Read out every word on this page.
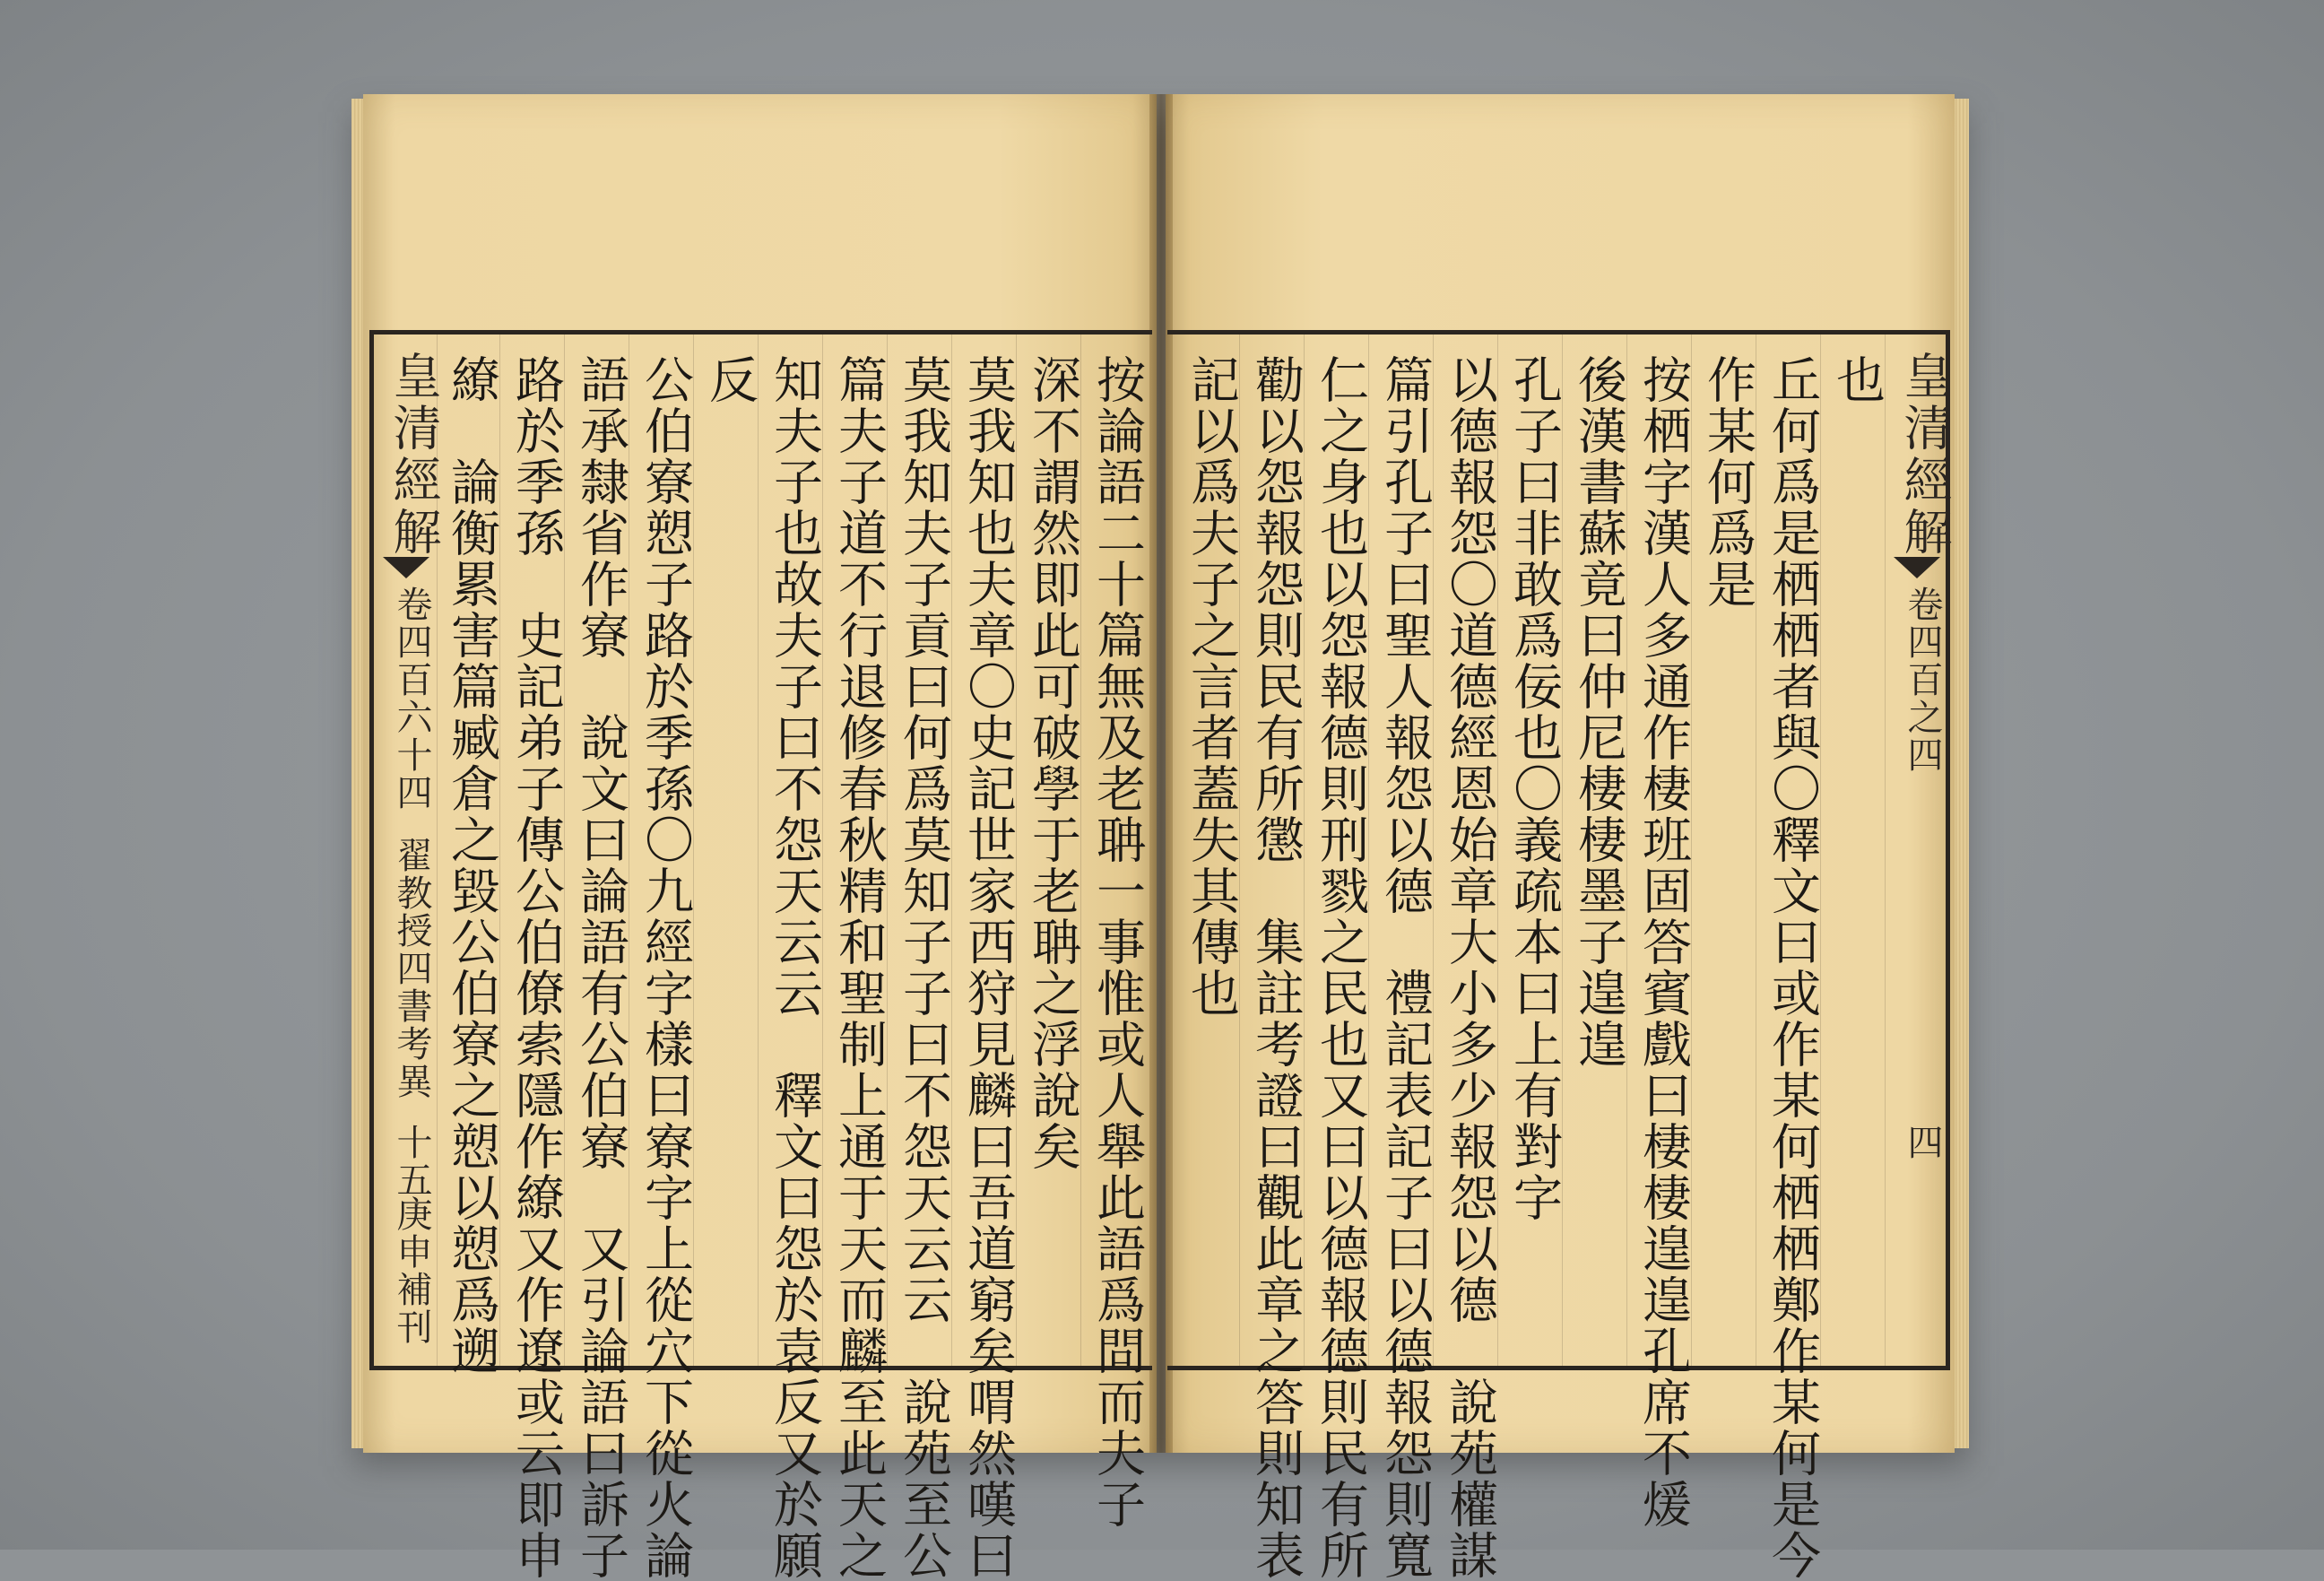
按論語二十篇無及老聃一事惟或人舉此語爲問而夫子
深不謂然即此可破學于老聃之浮說矣
莫我知也夫章〇史記世家西狩見麟曰吾道窮矣喟然嘆曰
莫我知夫子貢曰何爲莫知子子曰不怨天云云　說苑至公
篇夫子道不行退修春秋精和聖制上通于天而麟至此天之
知夫子也故夫子曰不怨天云云　釋文曰怨於袁反又於願
反
公伯寮愬子路於季孫〇九經字樣曰寮字上從穴下從火論
語承隸省作寮　說文曰論語有公伯寮　又引論語曰訴子
路於季孫　史記弟子傳公伯僚索隱作繚又作遼或云即申
繚　論衡累害篇臧倉之毀公伯寮之愬以愬爲遡
皇清經解
卷四百六十四
翟教授四書考異
十五
庚申補刊
也
丘何爲是栖栖者與〇釋文曰或作某何栖栖鄭作某何是今
作某何爲是
按栖字漢人多通作棲班固答賓戲曰棲棲遑遑孔席不煖
後漢書蘇竟曰仲尼棲棲墨子遑遑
孔子曰非敢爲佞也〇義疏本曰上有對字
以德報怨〇道德經恩始章大小多少報怨以德　說苑權謀
篇引孔子曰聖人報怨以德　禮記表記子曰以德報怨則寬
仁之身也以怨報德則刑戮之民也又曰以德報德則民有所
勸以怨報怨則民有所懲　集註考證曰觀此章之答則知表
記以爲夫子之言者蓋失其傳也	皇清經解
卷四百之四
四
